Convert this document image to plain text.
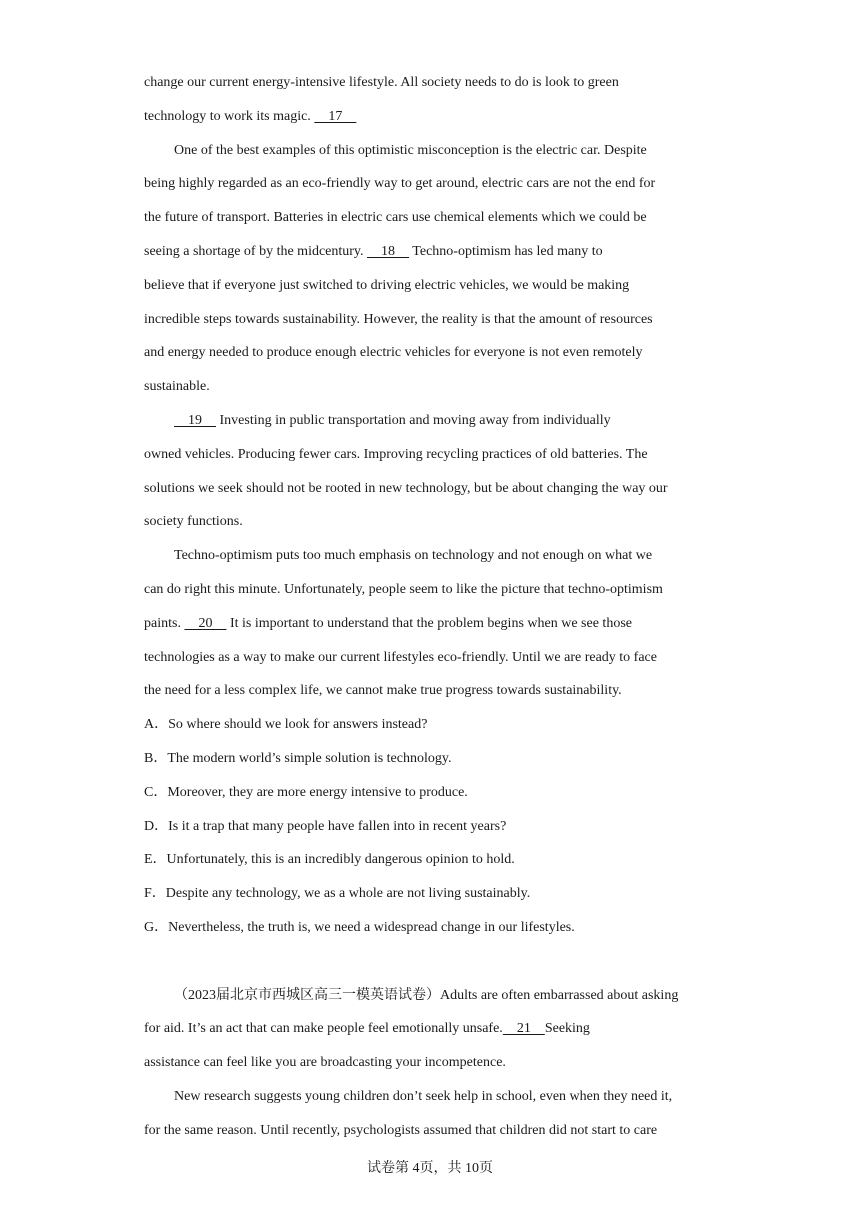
change our current energy-intensive lifestyle. All society needs to do is look to green
technology to work its magic.     17
One of the best examples of this optimistic misconception is the electric car. Despite
being highly regarded as an eco-friendly way to get around, electric cars are not the end for
the future of transport. Batteries in electric cars use chemical elements which we could be
seeing a shortage of by the midcentury.     18     Techno-optimism has led many to
believe that if everyone just switched to driving electric vehicles, we would be making
incredible steps towards sustainability. However, the reality is that the amount of resources
and energy needed to produce enough electric vehicles for everyone is not even remotely
sustainable.
19     Investing in public transportation and moving away from individually
owned vehicles. Producing fewer cars. Improving recycling practices of old batteries. The
solutions we seek should not be rooted in new technology, but be about changing the way our
society functions.
Techno-optimism puts too much emphasis on technology and not enough on what we
can do right this minute. Unfortunately, people seem to like the picture that techno-optimism
paints.     20     It is important to understand that the problem begins when we see those
technologies as a way to make our current lifestyles eco-friendly. Until we are ready to face
the need for a less complex life, we cannot make true progress towards sustainability.
A．So where should we look for answers instead?
B．The modern world’s simple solution is technology.
C．Moreover, they are more energy intensive to produce.
D．Is it a trap that many people have fallen into in recent years?
E．Unfortunately, this is an incredibly dangerous opinion to hold.
F．Despite any technology, we as a whole are not living sustainably.
G．Nevertheless, the truth is, we need a widespread change in our lifestyles.
（2023届北京市西城区高三一模英语试卷）Adults are often embarrassed about asking
for aid. It’s an act that can make people feel emotionally unsafe.    21    Seeking
assistance can feel like you are broadcasting your incompetence.
New research suggests young children don’t seek help in school, even when they need it,
for the same reason. Until recently, psychologists assumed that children did not start to care
试卷第 4页，共 10页
